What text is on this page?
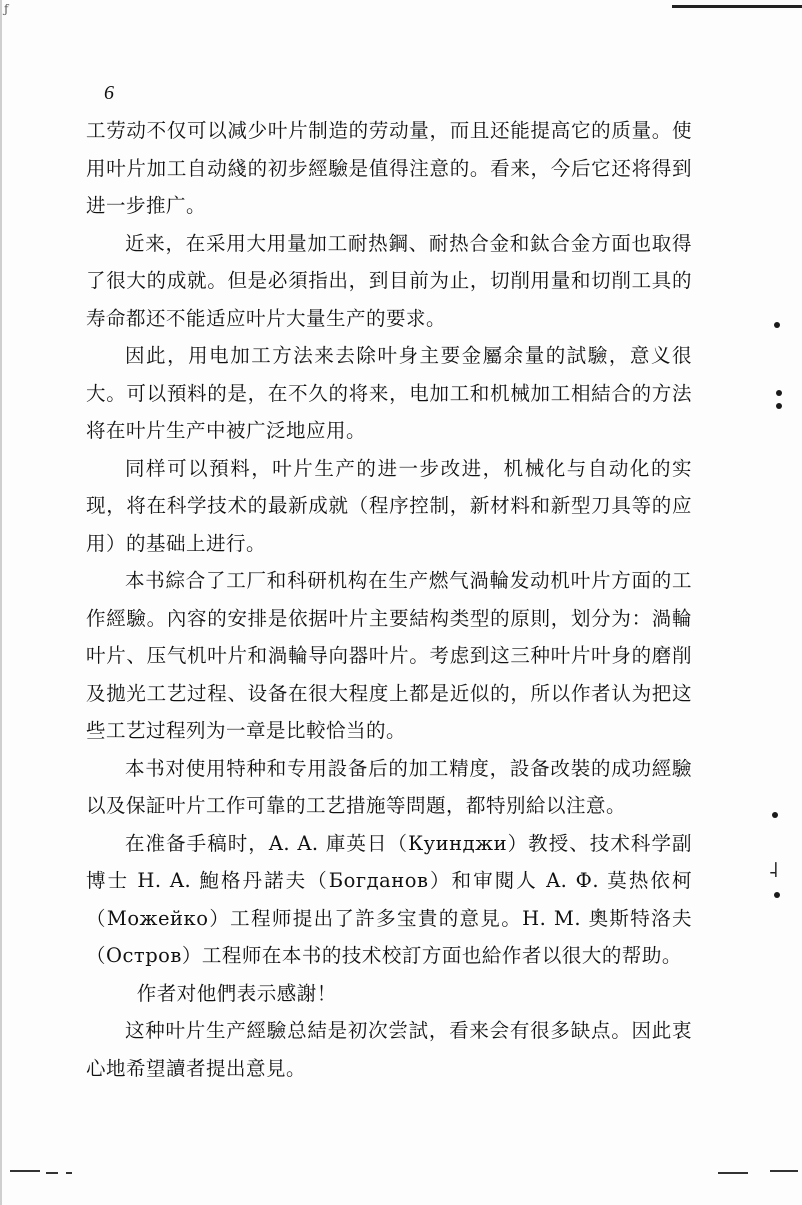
ƒ
6

工劳动不仅可以减少叶片制造的劳动量，而且还能提高它的质量。使用叶片加工自动綫的初步經驗是值得注意的。看来，今后它还将得到进一步推广。

近来，在采用大用量加工耐热鋼、耐热合金和鈦合金方面也取得了很大的成就。但是必須指出，到目前为止，切削用量和切削工具的寿命都还不能适应叶片大量生产的要求。

因此，用电加工方法来去除叶身主要金屬余量的試驗，意义很大。可以預料的是，在不久的将来，电加工和机械加工相結合的方法将在叶片生产中被广泛地应用。

同样可以預料，叶片生产的进一步改进，机械化与自动化的实现，将在科学技术的最新成就（程序控制，新材料和新型刀具等的应用）的基础上进行。

本书綜合了工厂和科研机构在生产燃气渦輪发动机叶片方面的工作經驗。內容的安排是依据叶片主要結构类型的原則，划分为：渦輪叶片、压气机叶片和渦輪导向器叶片。考虑到这三种叶片叶身的磨削及拋光工艺过程、设备在很大程度上都是近似的，所以作者认为把这些工艺过程列为一章是比較恰当的。

本书对使用特种和专用設备后的加工精度，設备改裝的成功經驗以及保証叶片工作可靠的工艺措施等問題，都特別給以注意。

在准备手稿时，A. A. 庫英日（Куинджи）教授、技术科学副博士 H. A. 鮑格丹諾夫（Богданов）和审閱人 A. Ф. 莫热依柯（Можейко）工程师提出了許多宝貴的意見。H. M. 奧斯特洛夫（Остров）工程师在本书的技术校訂方面也給作者以很大的帮助。

作者对他們表示感謝！

这种叶片生产經驗总結是初次尝試，看来会有很多缺点。因此衷心地希望讀者提出意見。

˨
